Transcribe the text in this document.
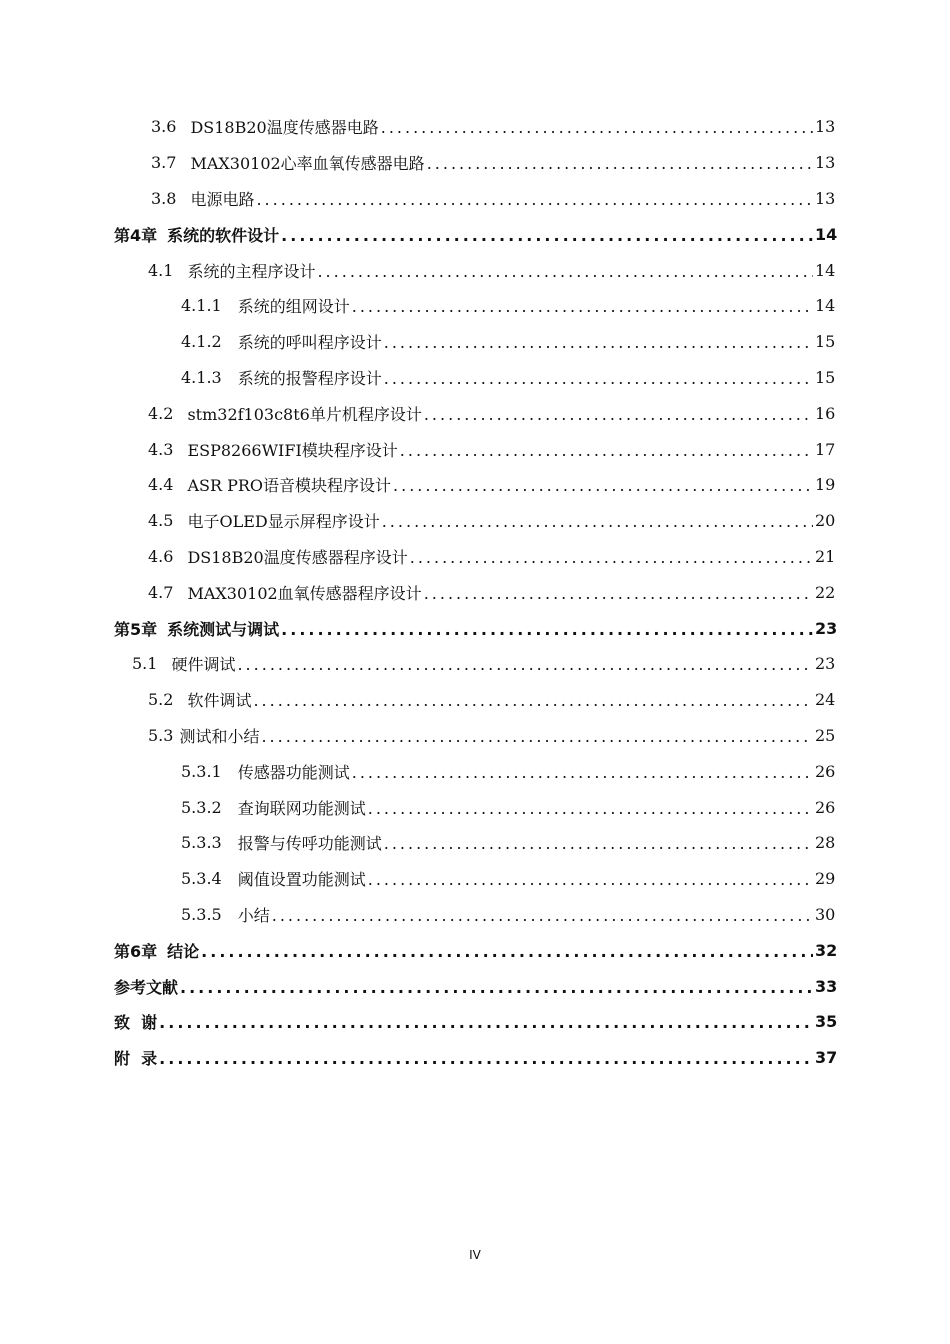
3.6 DS18B20温度传感器电路 .....	13
3.7 MAX30102心率血氧传感器电路 .....	13
3.8 电源电路 .....	13
第4章 系统的软件设计 .....	14
4.1 系统的主程序设计 .....	14
4.1.1 系统的组网设计 .....	14
4.1.2 系统的呼叫程序设计 .....	15
4.1.3 系统的报警程序设计 .....	15
4.2 stm32f103c8t6单片机程序设计 .....	16
4.3 ESP8266WIFI模块程序设计 .....	17
4.4 ASR PRO语音模块程序设计 .....	19
4.5 电子OLED显示屏程序设计 .....	20
4.6 DS18B20温度传感器程序设计 .....	21
4.7 MAX30102血氧传感器程序设计 .....	22
第5章 系统测试与调试 .....	23
5.1 硬件调试 .....	23
5.2 软件调试 .....	24
5.3 测试和小结 .....	25
5.3.1 传感器功能测试 .....	26
5.3.2 查询联网功能测试 .....	26
5.3.3 报警与传呼功能测试 .....	28
5.3.4 阈值设置功能测试 .....	29
5.3.5 小结 .....	30
第6章 结论 .....	32
参考文献 .....	33
致  谢 .....	35
附  录 .....	37
IV
